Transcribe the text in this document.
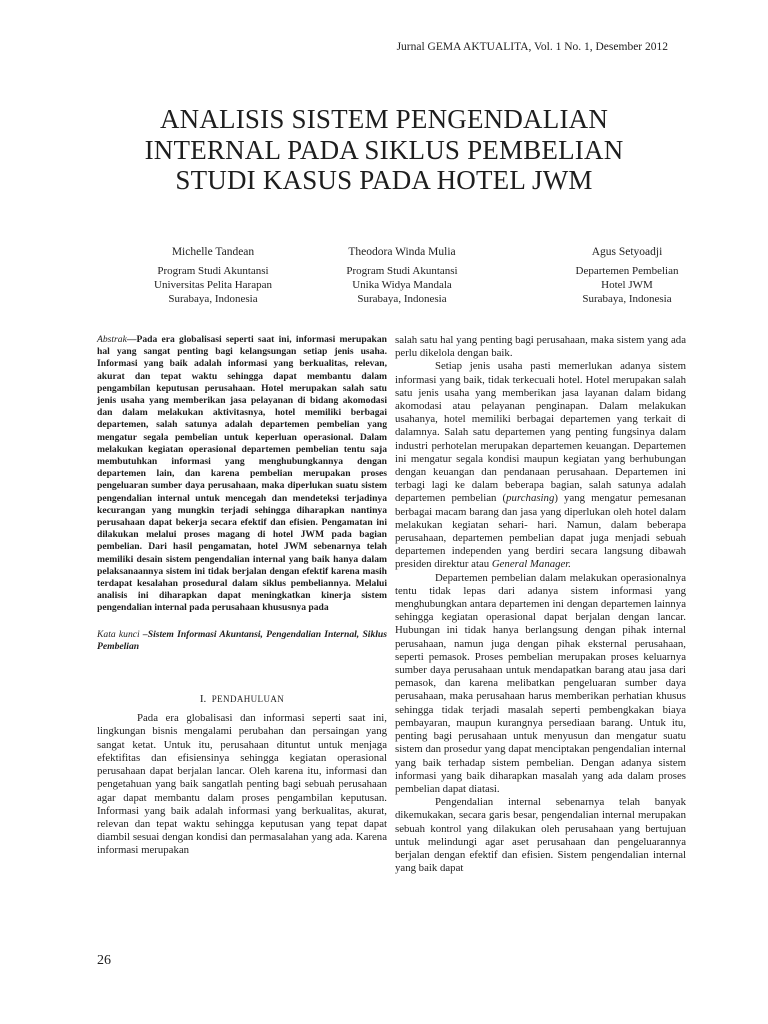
Jurnal GEMA AKTUALITA, Vol. 1 No. 1, Desember 2012
ANALISIS SISTEM PENGENDALIAN
INTERNAL PADA SIKLUS PEMBELIAN
STUDI KASUS PADA HOTEL JWM
Michelle Tandean
Program Studi Akuntansi
Universitas Pelita Harapan
Surabaya, Indonesia
Theodora Winda Mulia
Program Studi Akuntansi
Unika Widya Mandala
Surabaya, Indonesia
Agus Setyoadji
Departemen Pembelian
Hotel JWM
Surabaya, Indonesia
Abstrak—Pada era globalisasi seperti saat ini, informasi merupakan hal yang sangat penting bagi kelangsungan setiap jenis usaha. Informasi yang baik adalah informasi yang berkualitas, relevan, akurat dan tepat waktu sehingga dapat membantu dalam pengambilan keputusan perusahaan. Hotel merupakan salah satu jenis usaha yang memberikan jasa pelayanan di bidang akomodasi dan dalam melakukan aktivitasnya, hotel memiliki berbagai departemen, salah satunya adalah departemen pembelian yang mengatur segala pembelian untuk keperluan operasional. Dalam melakukan kegiatan operasional departemen pembelian tentu saja membutuhkan informasi yang menghubungkannya dengan departemen lain, dan karena pembelian merupakan proses pengeluaran sumber daya perusahaan, maka diperlukan suatu sistem pengendalian internal untuk mencegah dan mendeteksi terjadinya kecurangan yang mungkin terjadi sehingga diharapkan nantinya perusahaan dapat bekerja secara efektif dan efisien. Pengamatan ini dilakukan melalui proses magang di hotel JWM pada bagian pembelian. Dari hasil pengamatan, hotel JWM sebenarnya telah memiliki desain sistem pengendalian internal yang baik hanya dalam pelaksanaannya sistem ini tidak berjalan dengan efektif karena masih terdapat kesalahan prosedural dalam siklus pembeliannya. Melalui analisis ini diharapkan dapat meningkatkan kinerja sistem pengendalian internal pada perusahaan khususnya pada
Kata kunci –Sistem Informasi Akuntansi, Pengendalian Internal, Siklus Pembelian
I. PENDAHULUAN

Pada era globalisasi dan informasi seperti saat ini, lingkungan bisnis mengalami perubahan dan persaingan yang sangat ketat. Untuk itu, perusahaan dituntut untuk menjaga efektifitas dan efisiensinya sehingga kegiatan operasional perusahaan dapat berjalan lancar. Oleh karena itu, informasi dan pengetahuan yang baik sangatlah penting bagi sebuah perusahaan agar dapat membantu dalam proses pengambilan keputusan. Informasi yang baik adalah informasi yang berkualitas, akurat, relevan dan tepat waktu sehingga keputusan yang tepat dapat diambil sesuai dengan kondisi dan permasalahan yang ada. Karena informasi merupakan

salah satu hal yang penting bagi perusahaan, maka sistem yang ada perlu dikelola dengan baik.

Setiap jenis usaha pasti memerlukan adanya sistem informasi yang baik, tidak terkecuali hotel. Hotel merupakan salah satu jenis usaha yang memberikan jasa layanan dalam bidang akomodasi atau pelayanan penginapan. Dalam melakukan usahanya, hotel memiliki berbagai departemen yang terkait di dalamnya. Salah satu departemen yang penting fungsinya dalam industri perhotelan merupakan departemen keuangan. Departemen ini mengatur segala kondisi maupun kegiatan yang berhubungan dengan keuangan dan pendanaan perusahaan. Departemen ini terbagi lagi ke dalam beberapa bagian, salah satunya adalah departemen pembelian (purchasing) yang mengatur pemesanan berbagai macam barang dan jasa yang diperlukan oleh hotel dalam melakukan kegiatan sehari- hari. Namun, dalam beberapa perusahaan, departemen pembelian dapat juga menjadi sebuah departemen independen yang berdiri secara langsung dibawah presiden direktur atau General Manager.

Departemen pembelian dalam melakukan operasionalnya tentu tidak lepas dari adanya sistem informasi yang menghubungkan antara departemen ini dengan departemen lainnya sehingga kegiatan operasional dapat berjalan dengan lancar. Hubungan ini tidak hanya berlangsung dengan pihak internal perusahaan, namun juga dengan pihak eksternal perusahaan, seperti pemasok. Proses pembelian merupakan proses keluarnya sumber daya perusahaan untuk mendapatkan barang atau jasa dari pemasok, dan karena melibatkan pengeluaran sumber daya perusahaan, maka perusahaan harus memberikan perhatian khusus sehingga tidak terjadi masalah seperti pembengkakan biaya pembayaran, maupun kurangnya persediaan barang. Untuk itu, penting bagi perusahaan untuk menyusun dan mengatur suatu sistem dan prosedur yang dapat menciptakan pengendalian internal yang baik terhadap sistem pembelian. Dengan adanya sistem informasi yang baik diharapkan masalah yang ada dalam proses pembelian dapat diatasi.

Pengendalian internal sebenarnya telah banyak dikemukakan, secara garis besar, pengendalian internal merupakan sebuah kontrol yang dilakukan oleh perusahaan yang bertujuan untuk melindungi agar aset perusahaan dan pengeluarannya berjalan dengan efektif dan efisien. Sistem pengendalian internal yang baik dapat

26
